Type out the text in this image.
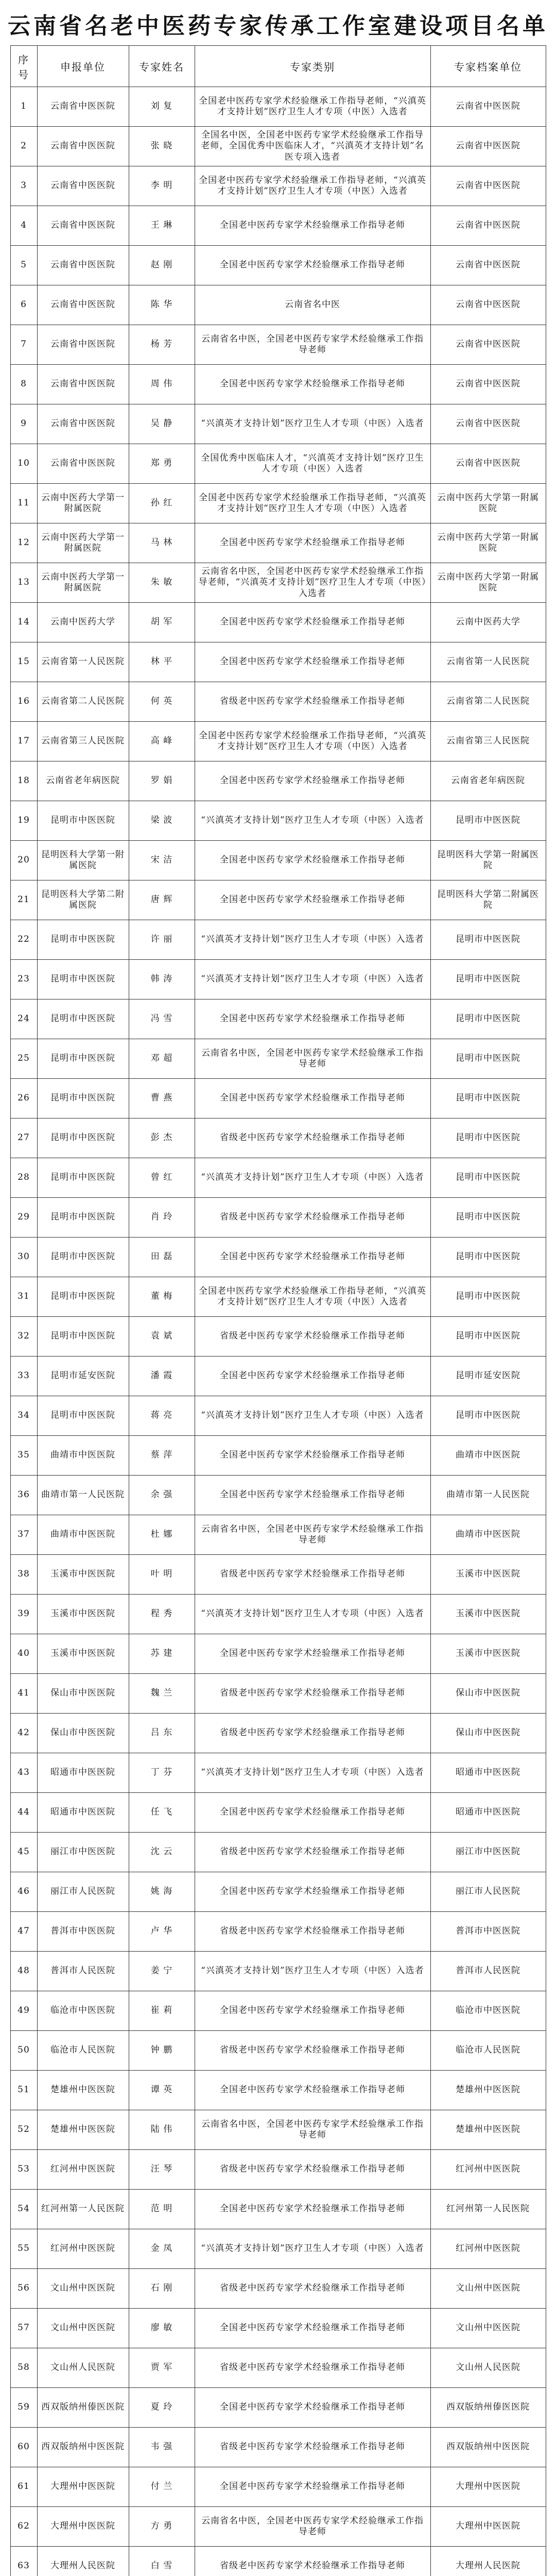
云南省名老中医药专家传承工作室建设项目名单
序号	申报单位	专家姓名	专家类别	专家档案单位
1	云南省中医医院	刘 复	全国老中医药专家学术经验继承工作指导老师，“兴滇英才支持计划”医疗卫生人才专项（中医）入选者	云南省中医医院
2	云南省中医医院	张 晓	全国名中医，全国老中医药专家学术经验继承工作指导老师，全国优秀中医临床人才，“兴滇英才支持计划”名医专项入选者	云南省中医医院
3	云南省中医医院	李 明	全国老中医药专家学术经验继承工作指导老师，“兴滇英才支持计划”医疗卫生人才专项（中医）入选者	云南省中医医院
4	云南省中医医院	王 琳	全国老中医药专家学术经验继承工作指导老师	云南省中医医院
5	云南省中医医院	赵 刚	全国老中医药专家学术经验继承工作指导老师	云南省中医医院
6	云南省中医医院	陈 华	云南省名中医	云南省中医医院
7	云南省中医医院	杨 芳	云南省名中医，全国老中医药专家学术经验继承工作指导老师	云南省中医医院
8	云南省中医医院	周 伟	全国老中医药专家学术经验继承工作指导老师	云南省中医医院
9	云南省中医医院	吴 静	“兴滇英才支持计划”医疗卫生人才专项（中医）入选者	云南省中医医院
10	云南省中医医院	郑 勇	全国优秀中医临床人才，“兴滇英才支持计划”医疗卫生人才专项（中医）入选者	云南省中医医院
11	云南中医药大学第一附属医院	孙 红	全国老中医药专家学术经验继承工作指导老师，“兴滇英才支持计划”医疗卫生人才专项（中医）入选者	云南中医药大学第一附属医院
12	云南中医药大学第一附属医院	马 林	全国老中医药专家学术经验继承工作指导老师	云南中医药大学第一附属医院
13	云南中医药大学第一附属医院	朱 敏	云南省名中医，全国老中医药专家学术经验继承工作指导老师，“兴滇英才支持计划”医疗卫生人才专项（中医）入选者	云南中医药大学第一附属医院
14	云南中医药大学	胡 军	全国老中医药专家学术经验继承工作指导老师	云南中医药大学
15	云南省第一人民医院	林 平	全国老中医药专家学术经验继承工作指导老师	云南省第一人民医院
16	云南省第二人民医院	何 英	省级老中医药专家学术经验继承工作指导老师	云南省第二人民医院
17	云南省第三人民医院	高 峰	全国老中医药专家学术经验继承工作指导老师，“兴滇英才支持计划”医疗卫生人才专项（中医）入选者	云南省第三人民医院
18	云南省老年病医院	罗 娟	全国老中医药专家学术经验继承工作指导老师	云南省老年病医院
19	昆明市中医医院	梁 波	“兴滇英才支持计划”医疗卫生人才专项（中医）入选者	昆明市中医医院
20	昆明医科大学第一附属医院	宋 洁	全国老中医药专家学术经验继承工作指导老师	昆明医科大学第一附属医院
21	昆明医科大学第二附属医院	唐 辉	全国老中医药专家学术经验继承工作指导老师	昆明医科大学第二附属医院
22	昆明市中医医院	许 丽	“兴滇英才支持计划”医疗卫生人才专项（中医）入选者	昆明市中医医院
23	昆明市中医医院	韩 涛	“兴滇英才支持计划”医疗卫生人才专项（中医）入选者	昆明市中医医院
24	昆明市中医医院	冯 雪	全国老中医药专家学术经验继承工作指导老师	昆明市中医医院
25	昆明市中医医院	邓 超	云南省名中医，全国老中医药专家学术经验继承工作指导老师	昆明市中医医院
26	昆明市中医医院	曹 燕	全国老中医药专家学术经验继承工作指导老师	昆明市中医医院
27	昆明市中医医院	彭 杰	省级老中医药专家学术经验继承工作指导老师	昆明市中医医院
28	昆明市中医医院	曾 红	“兴滇英才支持计划”医疗卫生人才专项（中医）入选者	昆明市中医医院
29	昆明市中医医院	肖 玲	省级老中医药专家学术经验继承工作指导老师	昆明市中医医院
30	昆明市中医医院	田 磊	全国老中医药专家学术经验继承工作指导老师	昆明市中医医院
31	昆明市中医医院	董 梅	全国老中医药专家学术经验继承工作指导老师，“兴滇英才支持计划”医疗卫生人才专项（中医）入选者	昆明市中医医院
32	昆明市中医医院	袁 斌	省级老中医药专家学术经验继承工作指导老师	昆明市中医医院
33	昆明市延安医院	潘 霞	全国老中医药专家学术经验继承工作指导老师	昆明市延安医院
34	昆明市中医医院	蒋 亮	“兴滇英才支持计划”医疗卫生人才专项（中医）入选者	昆明市中医医院
35	曲靖市中医医院	蔡 萍	全国老中医药专家学术经验继承工作指导老师	曲靖市中医医院
36	曲靖市第一人民医院	余 强	全国老中医药专家学术经验继承工作指导老师	曲靖市第一人民医院
37	曲靖市中医医院	杜 娜	云南省名中医，全国老中医药专家学术经验继承工作指导老师	曲靖市中医医院
38	玉溪市中医医院	叶 明	省级老中医药专家学术经验继承工作指导老师	玉溪市中医医院
39	玉溪市中医医院	程 秀	“兴滇英才支持计划”医疗卫生人才专项（中医）入选者	玉溪市中医医院
40	玉溪市中医医院	苏 建	全国老中医药专家学术经验继承工作指导老师	玉溪市中医医院
41	保山市中医医院	魏 兰	省级老中医药专家学术经验继承工作指导老师	保山市中医医院
42	保山市中医医院	吕 东	省级老中医药专家学术经验继承工作指导老师	保山市中医医院
43	昭通市中医医院	丁 芬	“兴滇英才支持计划”医疗卫生人才专项（中医）入选者	昭通市中医医院
44	昭通市中医医院	任 飞	全国老中医药专家学术经验继承工作指导老师	昭通市中医医院
45	丽江市中医医院	沈 云	省级老中医药专家学术经验继承工作指导老师	丽江市中医医院
46	丽江市人民医院	姚 海	全国老中医药专家学术经验继承工作指导老师	丽江市人民医院
47	普洱市中医医院	卢 华	省级老中医药专家学术经验继承工作指导老师	普洱市中医医院
48	普洱市人民医院	姜 宁	“兴滇英才支持计划”医疗卫生人才专项（中医）入选者	普洱市人民医院
49	临沧市中医医院	崔 莉	全国老中医药专家学术经验继承工作指导老师	临沧市中医医院
50	临沧市人民医院	钟 鹏	省级老中医药专家学术经验继承工作指导老师	临沧市人民医院
51	楚雄州中医医院	谭 英	全国老中医药专家学术经验继承工作指导老师	楚雄州中医医院
52	楚雄州中医医院	陆 伟	云南省名中医，全国老中医药专家学术经验继承工作指导老师	楚雄州中医医院
53	红河州中医医院	汪 琴	省级老中医药专家学术经验继承工作指导老师	红河州中医医院
54	红河州第一人民医院	范 明	全国老中医药专家学术经验继承工作指导老师	红河州第一人民医院
55	红河州中医医院	金 凤	“兴滇英才支持计划”医疗卫生人才专项（中医）入选者	红河州中医医院
56	文山州中医医院	石 刚	省级老中医药专家学术经验继承工作指导老师	文山州中医医院
57	文山州中医医院	廖 敏	全国老中医药专家学术经验继承工作指导老师	文山州中医医院
58	文山州人民医院	贾 军	省级老中医药专家学术经验继承工作指导老师	文山州人民医院
59	西双版纳州傣医医院	夏 玲	全国老中医药专家学术经验继承工作指导老师	西双版纳州傣医医院
60	西双版纳州中医医院	韦 强	省级老中医药专家学术经验继承工作指导老师	西双版纳州中医医院
61	大理州中医医院	付 兰	全国老中医药专家学术经验继承工作指导老师	大理州中医医院
62	大理州中医医院	方 勇	云南省名中医，全国老中医药专家学术经验继承工作指导老师	大理州中医医院
63	大理州人民医院	白 雪	省级老中医药专家学术经验继承工作指导老师	大理州人民医院
